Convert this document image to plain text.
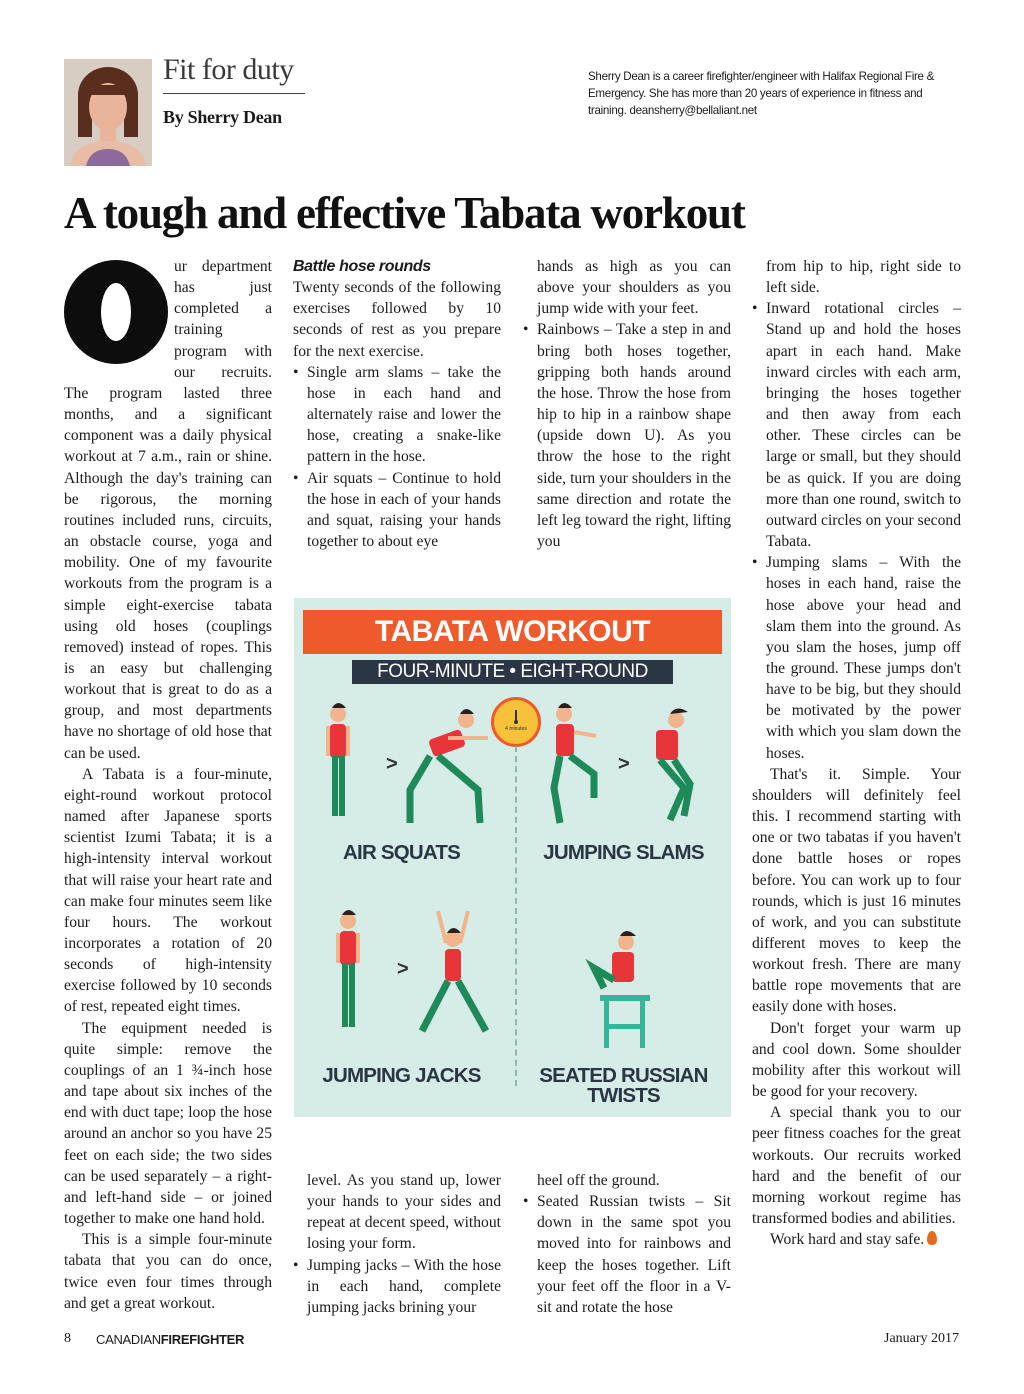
Fit for duty
By Sherry Dean
Sherry Dean is a career firefighter/engineer with Halifax Regional Fire & Emergency. She has more than 20 years of experience in fitness and training. deansherry@bellaliant.net
A tough and effective Tabata workout

ur department has just completed a training program with our recruits. The program lasted three months, and a significant component was a daily physical workout at 7 a.m., rain or shine. Although the day's training can be rigorous, the morning routines included runs, circuits, an obstacle course, yoga and mobility. One of my favourite workouts from the program is a simple eight-exercise tabata using old hoses (couplings removed) instead of ropes. This is an easy but challenging workout that is great to do as a group, and most departments have no shortage of old hose that can be used.

A Tabata is a four-minute, eight-round workout protocol named after Japanese sports scientist Izumi Tabata; it is a high-intensity interval workout that will raise your heart rate and can make four minutes seem like four hours. The workout incorporates a rotation of 20 seconds of high-intensity exercise followed by 10 seconds of rest, repeated eight times.

The equipment needed is quite simple: remove the couplings of an 1 ¾-inch hose and tape about six inches of the end with duct tape; loop the hose around an anchor so you have 25 feet on each side; the two sides can be used separately – a right- and left-hand side – or joined together to make one hand hold.

This is a simple four-minute tabata that you can do once, twice even four times through and get a great workout.

Battle hose rounds

Twenty seconds of the following exercises followed by 10 seconds of rest as you prepare for the next exercise.

• Single arm slams – take the hose in each hand and alternately raise and lower the hose, creating a snake-like pattern in the hose.
• Air squats – Continue to hold the hose in each of your hands and squat, raising your hands together to about eye

hands as high as you can above your shoulders as you jump wide with your feet.

• Rainbows – Take a step in and bring both hoses together, gripping both hands around the hose. Throw the hose from hip to hip in a rainbow shape (upside down U). As you throw the hose to the right side, turn your shoulders in the same direction and rotate the left leg toward the right, lifting you

level. As you stand up, lower your hands to your sides and repeat at decent speed, without losing your form.

• Jumping jacks – With the hose in each hand, complete jumping jacks brining your

heel off the ground.

• Seated Russian twists – Sit down in the same spot you moved into for rainbows and keep the hoses together. Lift your feet off the floor in a V-sit and rotate the hose

from hip to hip, right side to left side.

• Inward rotational circles – Stand up and hold the hoses apart in each hand. Make inward circles with each arm, bringing the hoses together and then away from each other. These circles can be large or small, but they should be as quick. If you are doing more than one round, switch to outward circles on your second Tabata.
• Jumping slams – With the hoses in each hand, raise the hose above your head and slam them into the ground. As you slam the hoses, jump off the ground. These jumps don't have to be big, but they should be motivated by the power with which you slam down the hoses.

That's it. Simple. Your shoulders will definitely feel this. I recommend starting with one or two tabatas if you haven't done battle hoses or ropes before. You can work up to four rounds, which is just 16 minutes of work, and you can substitute different moves to keep the workout fresh. There are many battle rope movements that are easily done with hoses.

Don't forget your warm up and cool down. Some shoulder mobility after this workout will be good for your recovery.

A special thank you to our peer fitness coaches for the great workouts. Our recruits worked hard and the benefit of our morning workout regime has transformed bodies and abilities.

Work hard and stay safe.

TABATA WORKOUT
FOUR-MINUTE • EIGHT-ROUND
4 minutes
>
AIR SQUATS
>
JUMPING SLAMS
>
JUMPING JACKS	SEATED RUSSIAN TWISTS
8 CANADIANFIREFIGHTER	January 2017
